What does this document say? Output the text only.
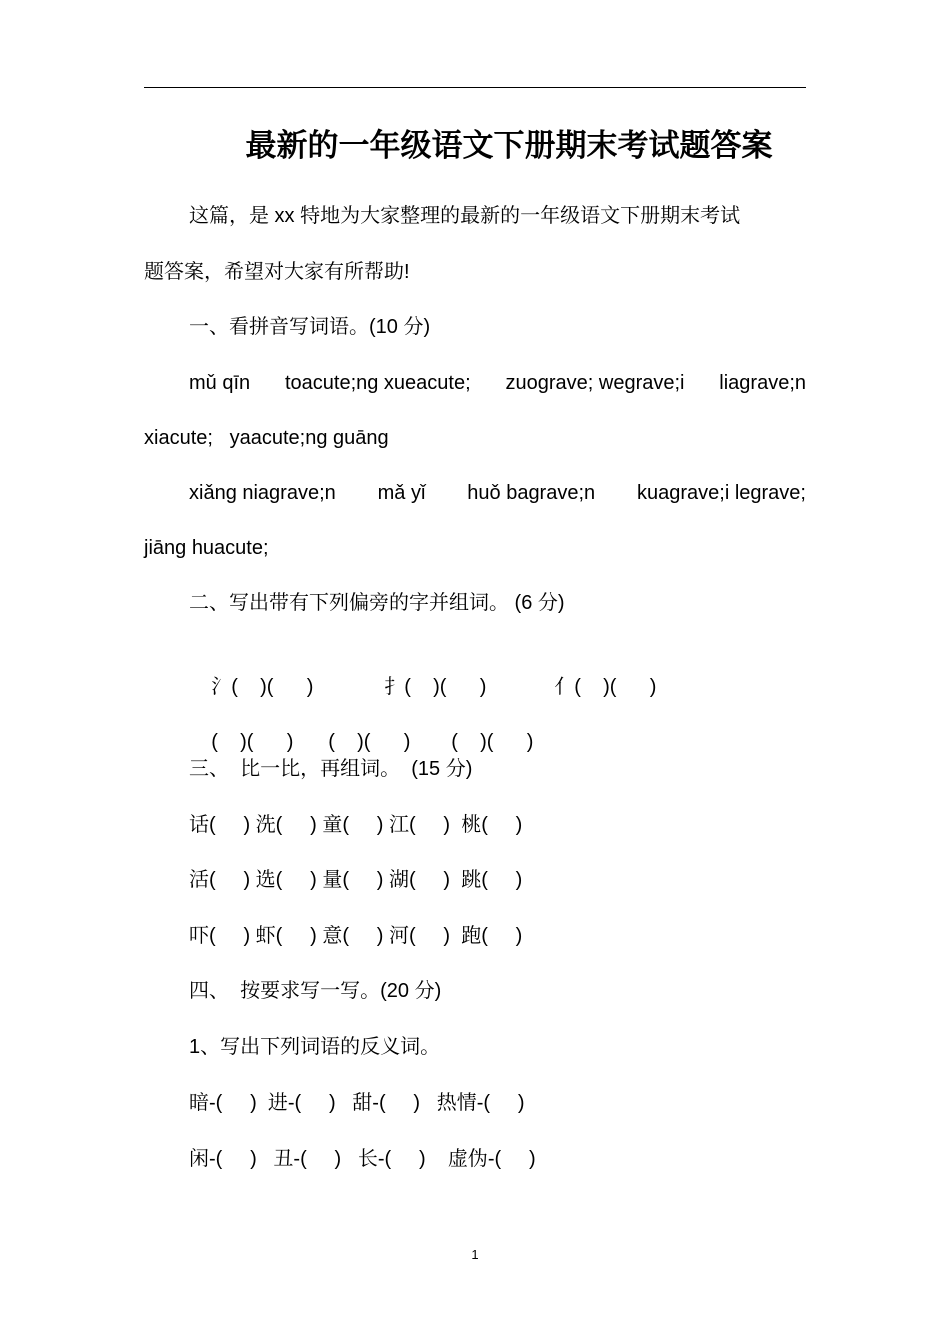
最新的一年级语文下册期末考试题答案
这篇，是 xx 特地为大家整理的最新的一年级语文下册期末考试
题答案，希望对大家有所帮助!
一、看拼音写词语。(10 分)
mǔ qīn toacute;ng xueacute; zuograve; wegrave;i liagrave;n
xiacute;   yaacute;ng guāng
xiǎng niagrave;n mǎ yǐ huǒ bagrave;n kuagrave;i legrave;
jiāng huacute;
二、写出带有下列偏旁的字并组词。 (6 分)

氵(    )(      )	扌(    )(      )	亻(    )(      )

(    )(      ) (    )(      ) (    )(      )

三、  比一比，再组词。  (15 分)
话(     ) 洗(     ) 童(     ) 江(     )  桃(     )
活(     ) 选(     ) 量(     ) 湖(     )  跳(     )
吓(     ) 虾(     ) 意(     ) 河(     )  跑(     )
四、  按要求写一写。(20 分)
1、写出下列词语的反义词。
暗-(     )  进-(     )   甜-(     )   热情-(     )
闲-(     )   丑-(     )   长-(     )    虚伪-(     )
1
